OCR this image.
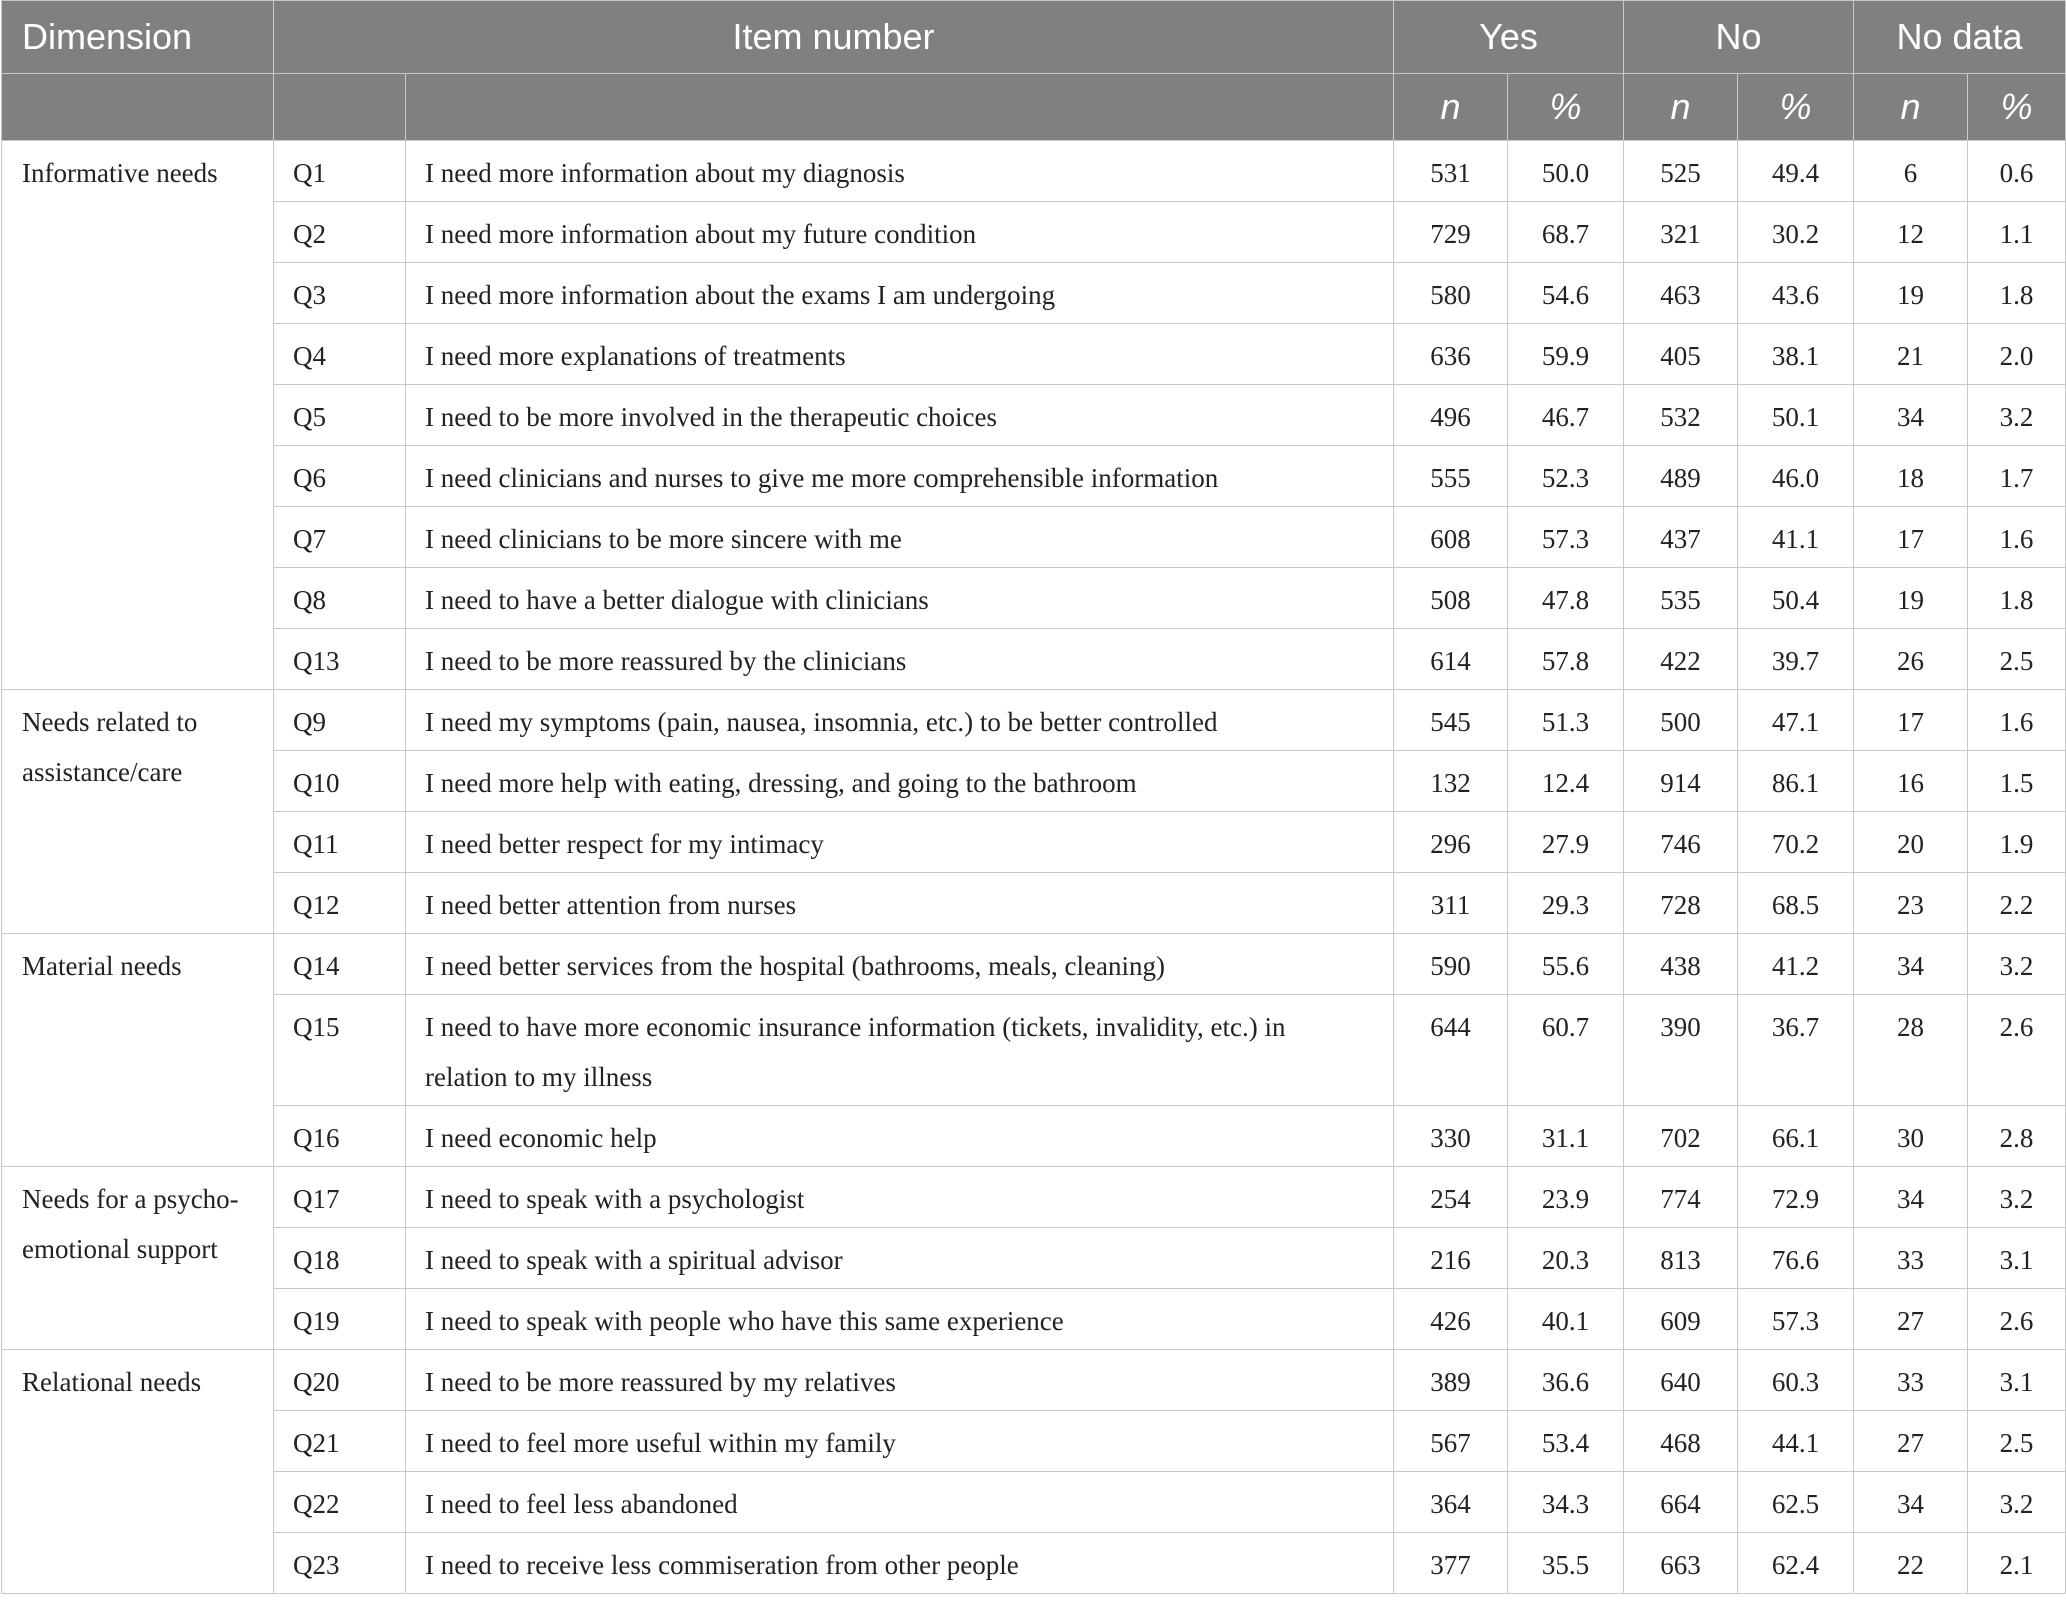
Dimension	Item number		Yes		No		No data	
			n	%	n	%	n	%

Informative needs	Q1	I need more information about my diagnosis	531	50.0	525	49.4	6	0.6

	Q2	I need more information about my future condition	729	68.7	321	30.2	12	1.1

	Q3	I need more information about the exams I am undergoing	580	54.6	463	43.6	19	1.8

	Q4	I need more explanations of treatments	636	59.9	405	38.1	21	2.0

	Q5	I need to be more involved in the therapeutic choices	496	46.7	532	50.1	34	3.2

	Q6	I need clinicians and nurses to give me more comprehensible information	555	52.3	489	46.0	18	1.7

	Q7	I need clinicians to be more sincere with me	608	57.3	437	41.1	17	1.6

	Q8	I need to have a better dialogue with clinicians	508	47.8	535	50.4	19	1.8

	Q13	I need to be more reassured by the clinicians	614	57.8	422	39.7	26	2.5

Needs related to assistance/care	Q9	I need my symptoms (pain, nausea, insomnia, etc.) to be better controlled	545	51.3	500	47.1	17	1.6

	Q10	I need more help with eating, dressing, and going to the bathroom	132	12.4	914	86.1	16	1.5

	Q11	I need better respect for my intimacy	296	27.9	746	70.2	20	1.9

	Q12	I need better attention from nurses	311	29.3	728	68.5	23	2.2

Material needs	Q14	I need better services from the hospital (bathrooms, meals, cleaning)	590	55.6	438	41.2	34	3.2

	Q15	I need to have more economic insurance information (tickets, invalidity, etc.) in relation to my illness	644	60.7	390	36.7	28	2.6

	Q16	I need economic help	330	31.1	702	66.1	30	2.8

Needs for a psycho-emotional support	Q17	I need to speak with a psychologist	254	23.9	774	72.9	34	3.2

	Q18	I need to speak with a spiritual advisor	216	20.3	813	76.6	33	3.1

	Q19	I need to speak with people who have this same experience	426	40.1	609	57.3	27	2.6

Relational needs	Q20	I need to be more reassured by my relatives	389	36.6	640	60.3	33	3.1

	Q21	I need to feel more useful within my family	567	53.4	468	44.1	27	2.5

	Q22	I need to feel less abandoned	364	34.3	664	62.5	34	3.2

	Q23	I need to receive less commiseration from other people	377	35.5	663	62.4	22	2.1
